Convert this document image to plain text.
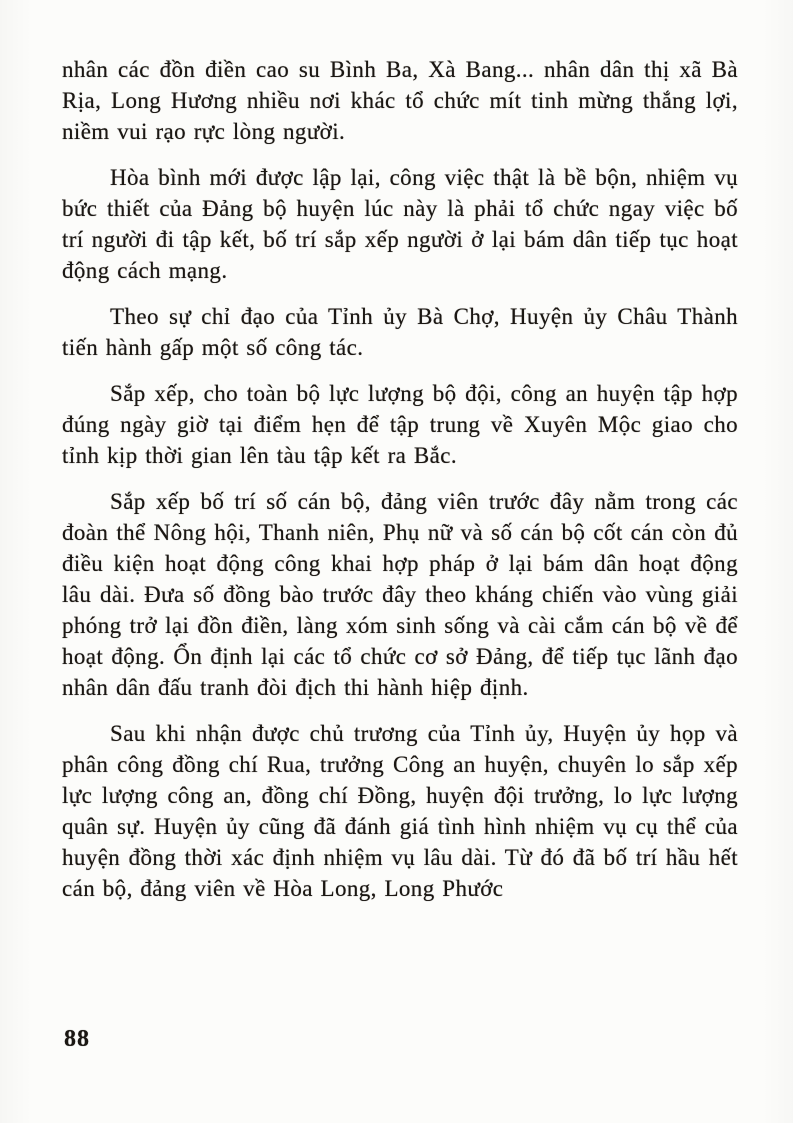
nhân các đồn điền cao su Bình Ba, Xà Bang... nhân dân thị xã Bà Rịa, Long Hương nhiều nơi khác tổ chức mít tinh mừng thắng lợi, niềm vui rạo rực lòng người.

Hòa bình mới được lập lại, công việc thật là bề bộn, nhiệm vụ bức thiết của Đảng bộ huyện lúc này là phải tổ chức ngay việc bố trí người đi tập kết, bố trí sắp xếp người ở lại bám dân tiếp tục hoạt động cách mạng.

Theo sự chỉ đạo của Tỉnh ủy Bà Chợ, Huyện ủy Châu Thành tiến hành gấp một số công tác.

Sắp xếp, cho toàn bộ lực lượng bộ đội, công an huyện tập hợp đúng ngày giờ tại điểm hẹn để tập trung về Xuyên Mộc giao cho tỉnh kịp thời gian lên tàu tập kết ra Bắc.

Sắp xếp bố trí số cán bộ, đảng viên trước đây nằm trong các đoàn thể Nông hội, Thanh niên, Phụ nữ và số cán bộ cốt cán còn đủ điều kiện hoạt động công khai hợp pháp ở lại bám dân hoạt động lâu dài. Đưa số đồng bào trước đây theo kháng chiến vào vùng giải phóng trở lại đồn điền, làng xóm sinh sống và cài cắm cán bộ về để hoạt động. Ổn định lại các tổ chức cơ sở Đảng, để tiếp tục lãnh đạo nhân dân đấu tranh đòi địch thi hành hiệp định.

Sau khi nhận được chủ trương của Tỉnh ủy, Huyện ủy họp và phân công đồng chí Rua, trưởng Công an huyện, chuyên lo sắp xếp lực lượng công an, đồng chí Đồng, huyện đội trưởng, lo lực lượng quân sự. Huyện ủy cũng đã đánh giá tình hình nhiệm vụ cụ thể của huyện đồng thời xác định nhiệm vụ lâu dài. Từ đó đã bố trí hầu hết cán bộ, đảng viên về Hòa Long, Long Phước

88
